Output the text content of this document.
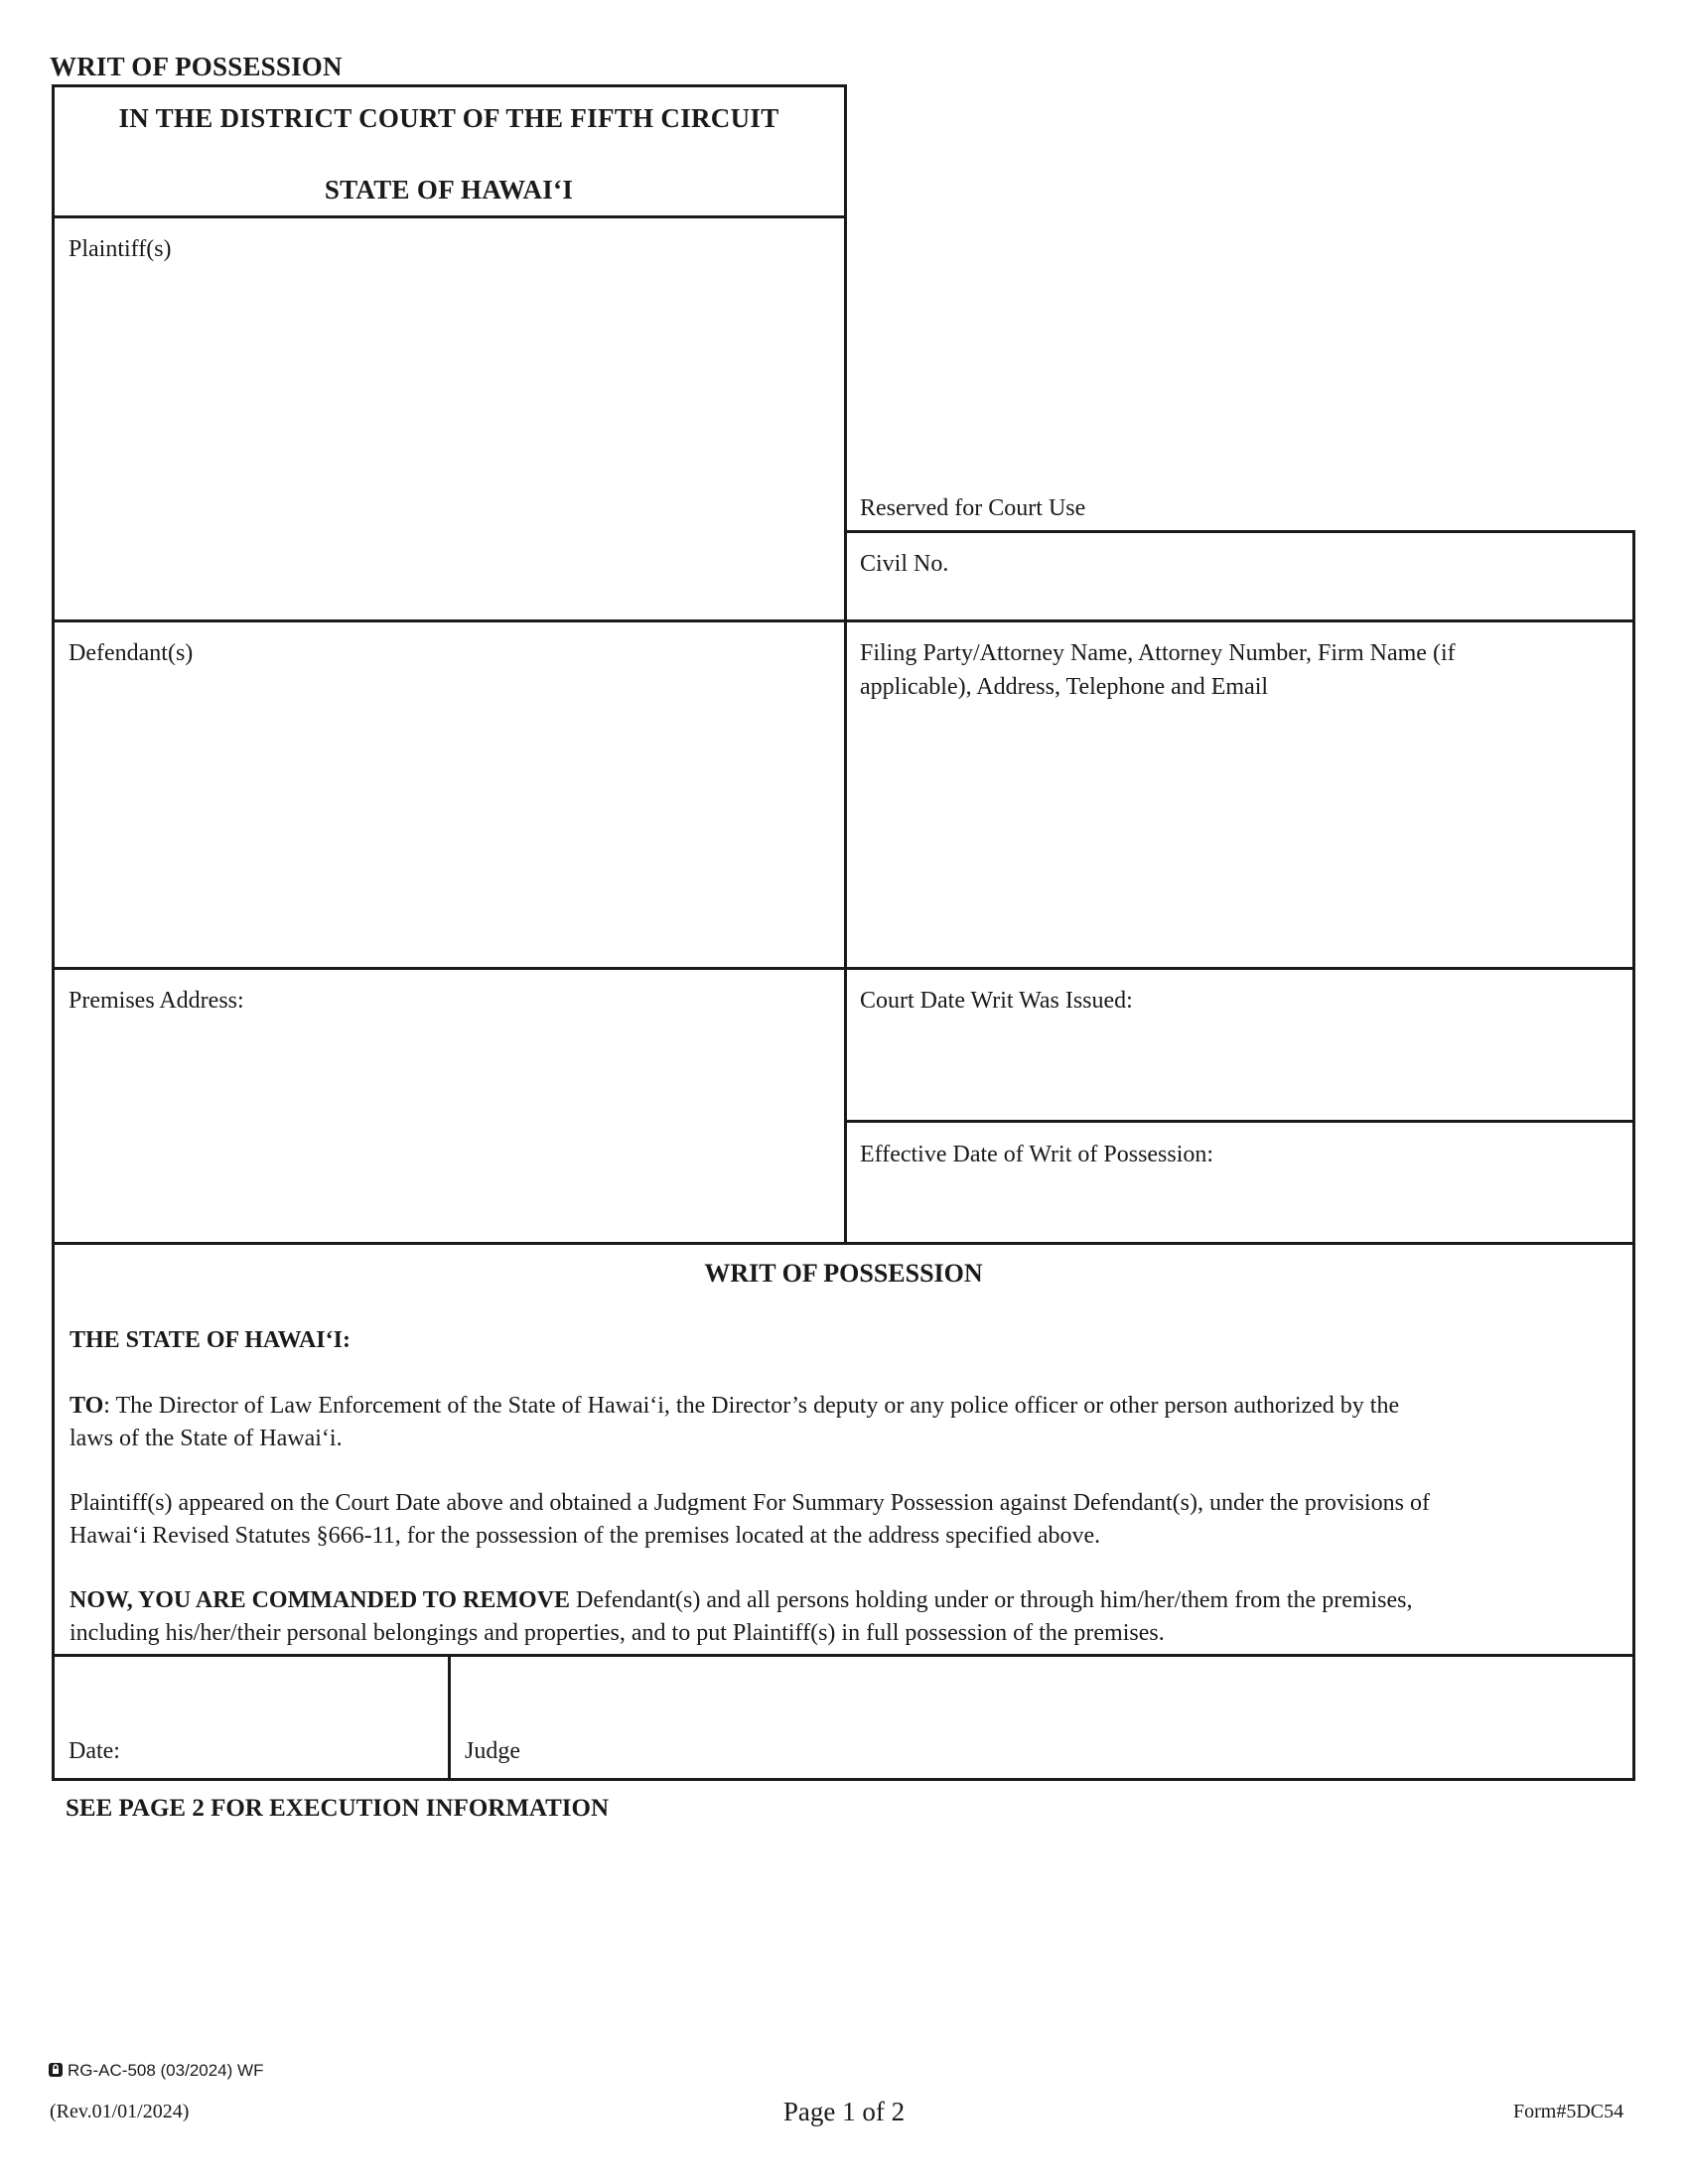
WRIT OF POSSESSION
IN THE DISTRICT COURT OF THE FIFTH CIRCUIT
STATE OF HAWAI‘I
Plaintiff(s)
Reserved for Court Use
Civil No.
Defendant(s)	Filing Party/Attorney Name, Attorney Number, Firm Name (if
applicable), Address, Telephone and Email
Premises Address:	Court Date Writ Was Issued:
Effective Date of Writ of Possession:
WRIT OF POSSESSION
THE STATE OF HAWAI‘I:
TO: The Director of Law Enforcement of the State of Hawai‘i, the Director’s deputy or any police officer or other person authorized by the
laws of the State of Hawai‘i.
Plaintiff(s) appeared on the Court Date above and obtained a Judgment For Summary Possession against Defendant(s), under the provisions of
Hawai‘i Revised Statutes §666-11, for the possession of the premises located at the address specified above.
NOW, YOU ARE COMMANDED TO REMOVE Defendant(s) and all persons holding under or through him/her/them from the premises,
including his/her/their personal belongings and properties, and to put Plaintiff(s) in full possession of the premises.
Date:	Judge
SEE PAGE 2 FOR EXECUTION INFORMATION
RG-AC-508 (03/2024) WF
(Rev.01/01/2024)	Page 1 of 2	Form#5DC54
